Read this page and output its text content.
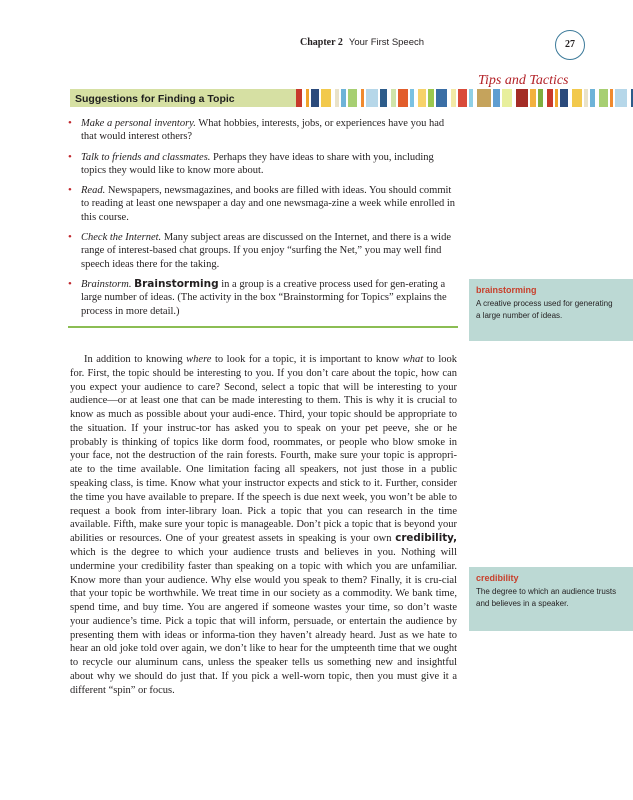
Chapter 2 Your First Speech	27
Tips and Tactics
Suggestions for Finding a Topic
• Make a personal inventory. What hobbies, interests, jobs, or experiences have you had that would interest others?
• Talk to friends and classmates. Perhaps they have ideas to share with you, including topics they would like to know more about.
• Read. Newspapers, newsmagazines, and books are filled with ideas. You should commit to reading at least one newspaper a day and one newsmaga-zine a week while enrolled in this course.
• Check the Internet. Many subject areas are discussed on the Internet, and there is a wide range of interest-based chat groups. If you enjoy “surfing the Net,” you may well find speech ideas there for the taking.
• Brainstorm. Brainstorming in a group is a creative process used for gen-erating a large number of ideas. (The activity in the box “Brainstorming for Topics” explains the process in more detail.)
brainstorming
A creative process used for generating a large number of ideas.
credibility
The degree to which an audience trusts and believes in a speaker.

In addition to knowing where to look for a topic, it is important to know what to look for. First, the topic should be interesting to you. If you don’t care about the topic, how can you expect your audience to care? Second, select a topic that will be interesting to your audience—or at least one that can be made interesting to them. This is why it is crucial to know as much as possible about your audi-ence. Third, your topic should be appropriate to the situation. If your instruc-tor has asked you to speak on your pet peeve, she or he probably is thinking of topics like dorm food, roommates, or people who blow smoke in your face, not the destruction of the rain forests. Fourth, make sure your topic is appropri-ate to the time available. One limitation facing all speakers, not just those in a public speaking class, is time. Know what your instructor expects and stick to it. Further, consider the time you have available to prepare. If the speech is due next week, you won’t be able to request a book from inter-library loan. Pick a topic that you can research in the time available. Fifth, make sure your topic is manageable. Don’t pick a topic that is beyond your abilities or resources. One of your greatest assets in speaking is your own credibility, which is the degree to which your audience trusts and believes in you. Nothing will undermine your credibility faster than speaking on a topic with which you are unfamiliar. Know more than your audience. Why else would you speak to them? Finally, it is cru-cial that your topic be worthwhile. We treat time in our society as a commodity. We bank time, spend time, and buy time. You are angered if someone wastes your time, so don’t waste your audience’s time. Pick a topic that will inform, persuade, or entertain the audience by presenting them with ideas or informa-tion they haven’t already heard. Just as we hate to hear an old joke told over again, we don’t like to hear for the umpteenth time that we ought to recycle our aluminum cans, unless the speaker tells us something new and insightful about why we should do just that. If you pick a well-worn topic, then you must give it a different “spin” or focus.
